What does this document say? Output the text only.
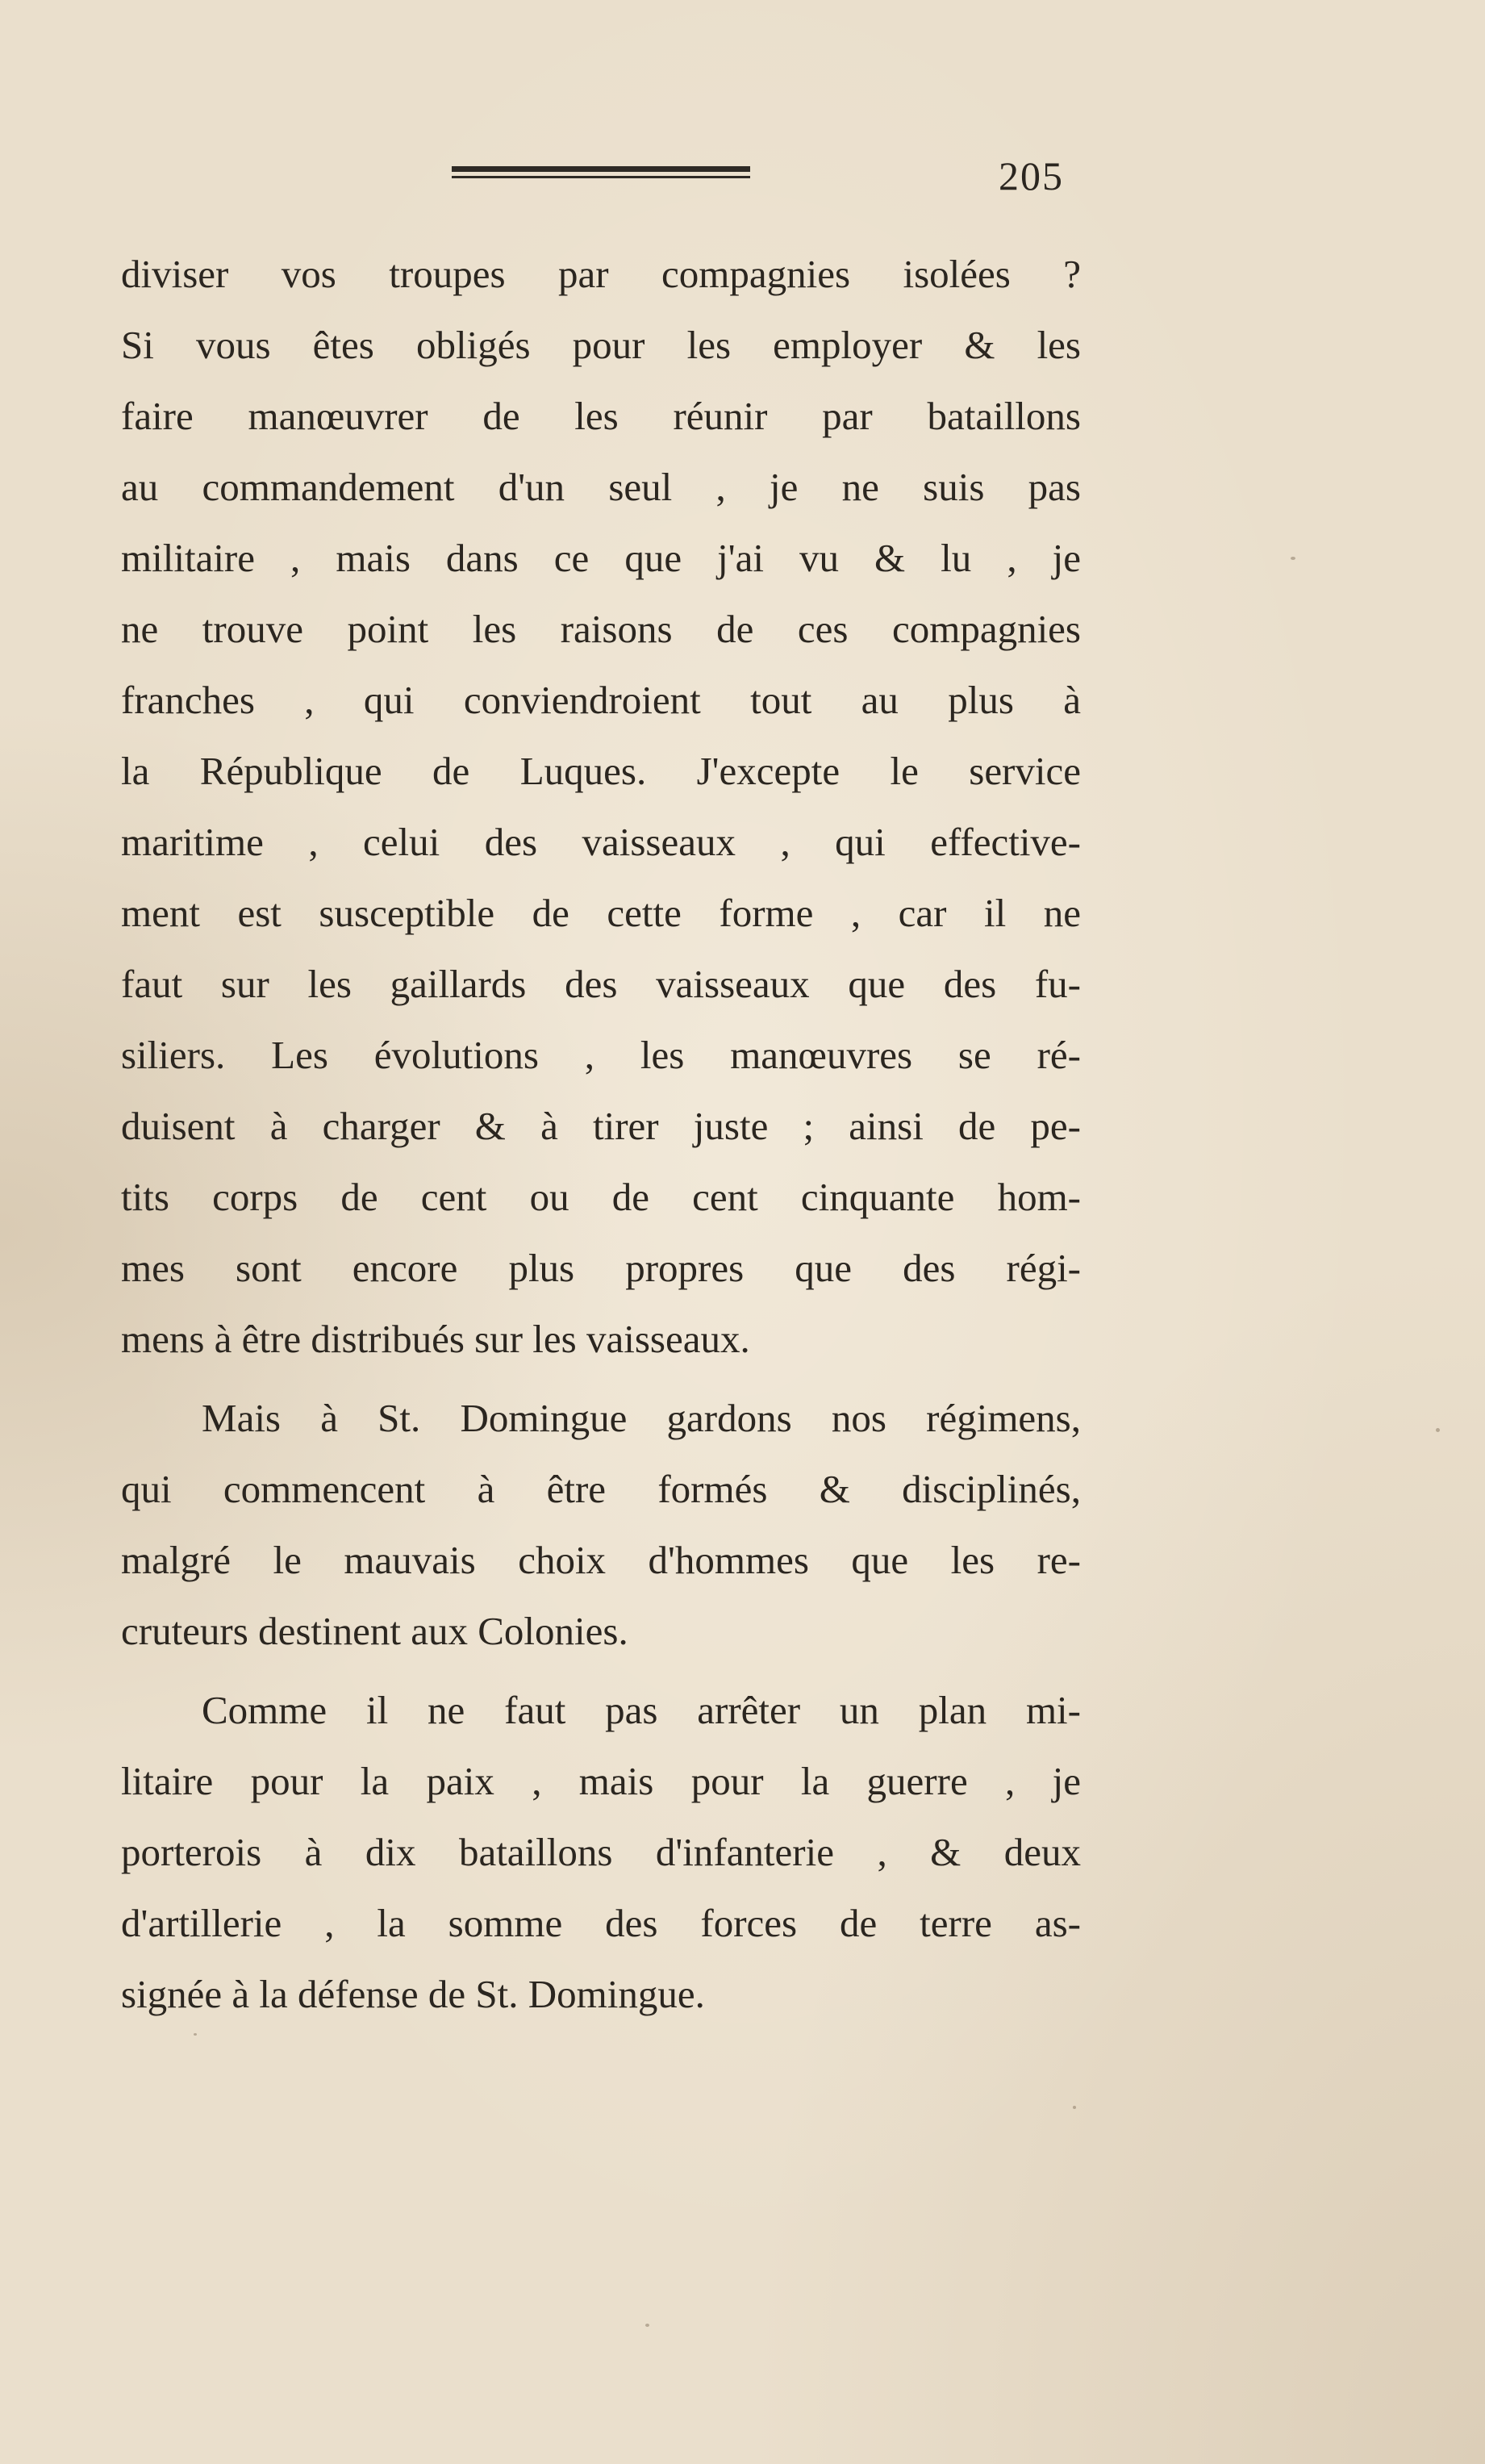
205
diviser vos troupes par compagnies isolées ?
Si vous êtes obligés pour les employer & les
faire manœuvrer de les réunir par bataillons
au commandement d'un seul , je ne suis pas
militaire , mais dans ce que j'ai vu & lu , je
ne trouve point les raisons de ces compagnies
franches , qui conviendroient tout au plus à
la République de Luques. J'excepte le service
maritime , celui des vaisseaux , qui effective-
ment est susceptible de cette forme , car il ne
faut sur les gaillards des vaisseaux que des fu-
siliers. Les évolutions , les manœuvres se ré-
duisent à charger & à tirer juste ; ainsi de pe-
tits corps de cent ou de cent cinquante hom-
mes sont encore plus propres que des régi-
mens à être distribués sur les vaisseaux.
Mais à St. Domingue gardons nos régimens,
qui commencent à être formés & disciplinés,
malgré le mauvais choix d'hommes que les re-
cruteurs destinent aux Colonies.
Comme il ne faut pas arrêter un plan mi-
litaire pour la paix , mais pour la guerre , je
porterois à dix bataillons d'infanterie , & deux
d'artillerie , la somme des forces de terre as-
signée à la défense de St. Domingue.
